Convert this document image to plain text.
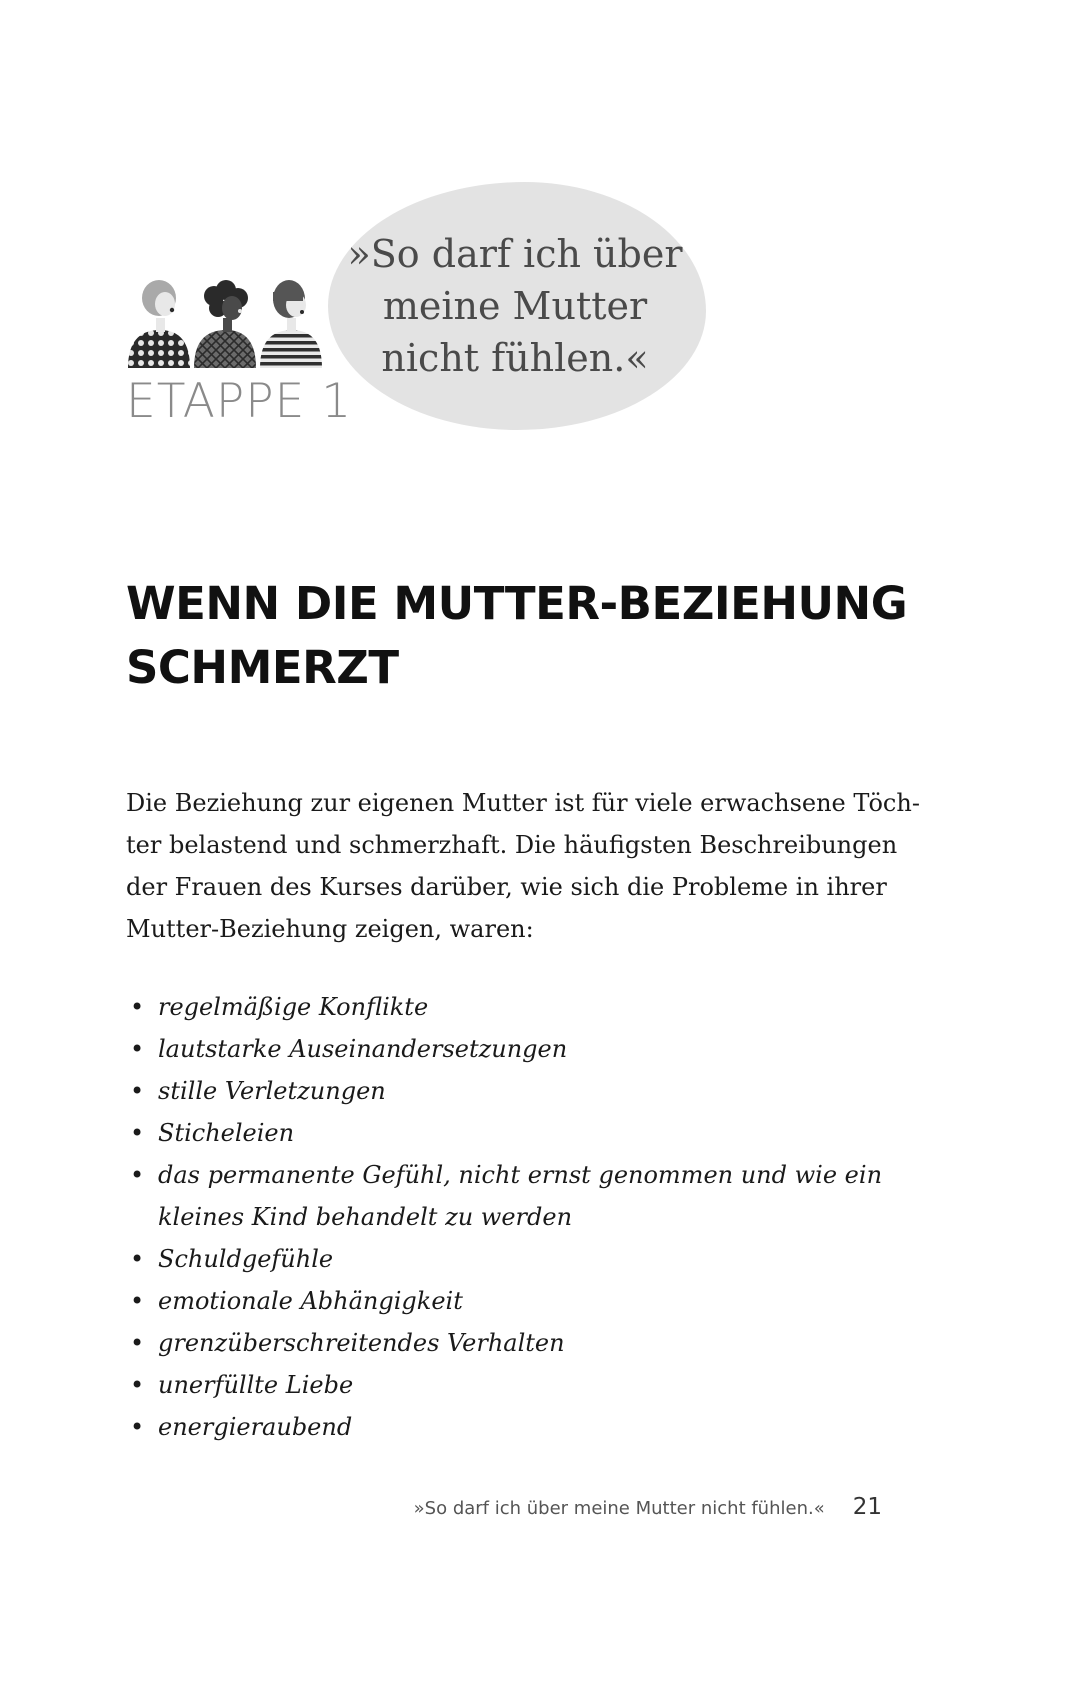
»So darf ich über
meine Mutter
nicht fühlen.«
ETAPPE 1
WENN DIE MUTTER-BEZIEHUNG
SCHMERZT
Die Beziehung zur eigenen Mutter ist für viele erwachsene Töch-
ter belastend und schmerzhaft. Die häufigsten Beschreibungen
der Frauen des Kurses darüber, wie sich die Probleme in ihrer
Mutter-Beziehung zeigen, waren:
• regelmäßige Konflikte
• lautstarke Auseinandersetzungen
• stille Verletzungen
• Sticheleien
• das permanente Gefühl, nicht ernst genommen und wie ein
kleines Kind behandelt zu werden
• Schuldgefühle
• emotionale Abhängigkeit
• grenzüberschreitendes Verhalten
• unerfüllte Liebe
• energieraubend
»So darf ich über meine Mutter nicht fühlen.« 21
